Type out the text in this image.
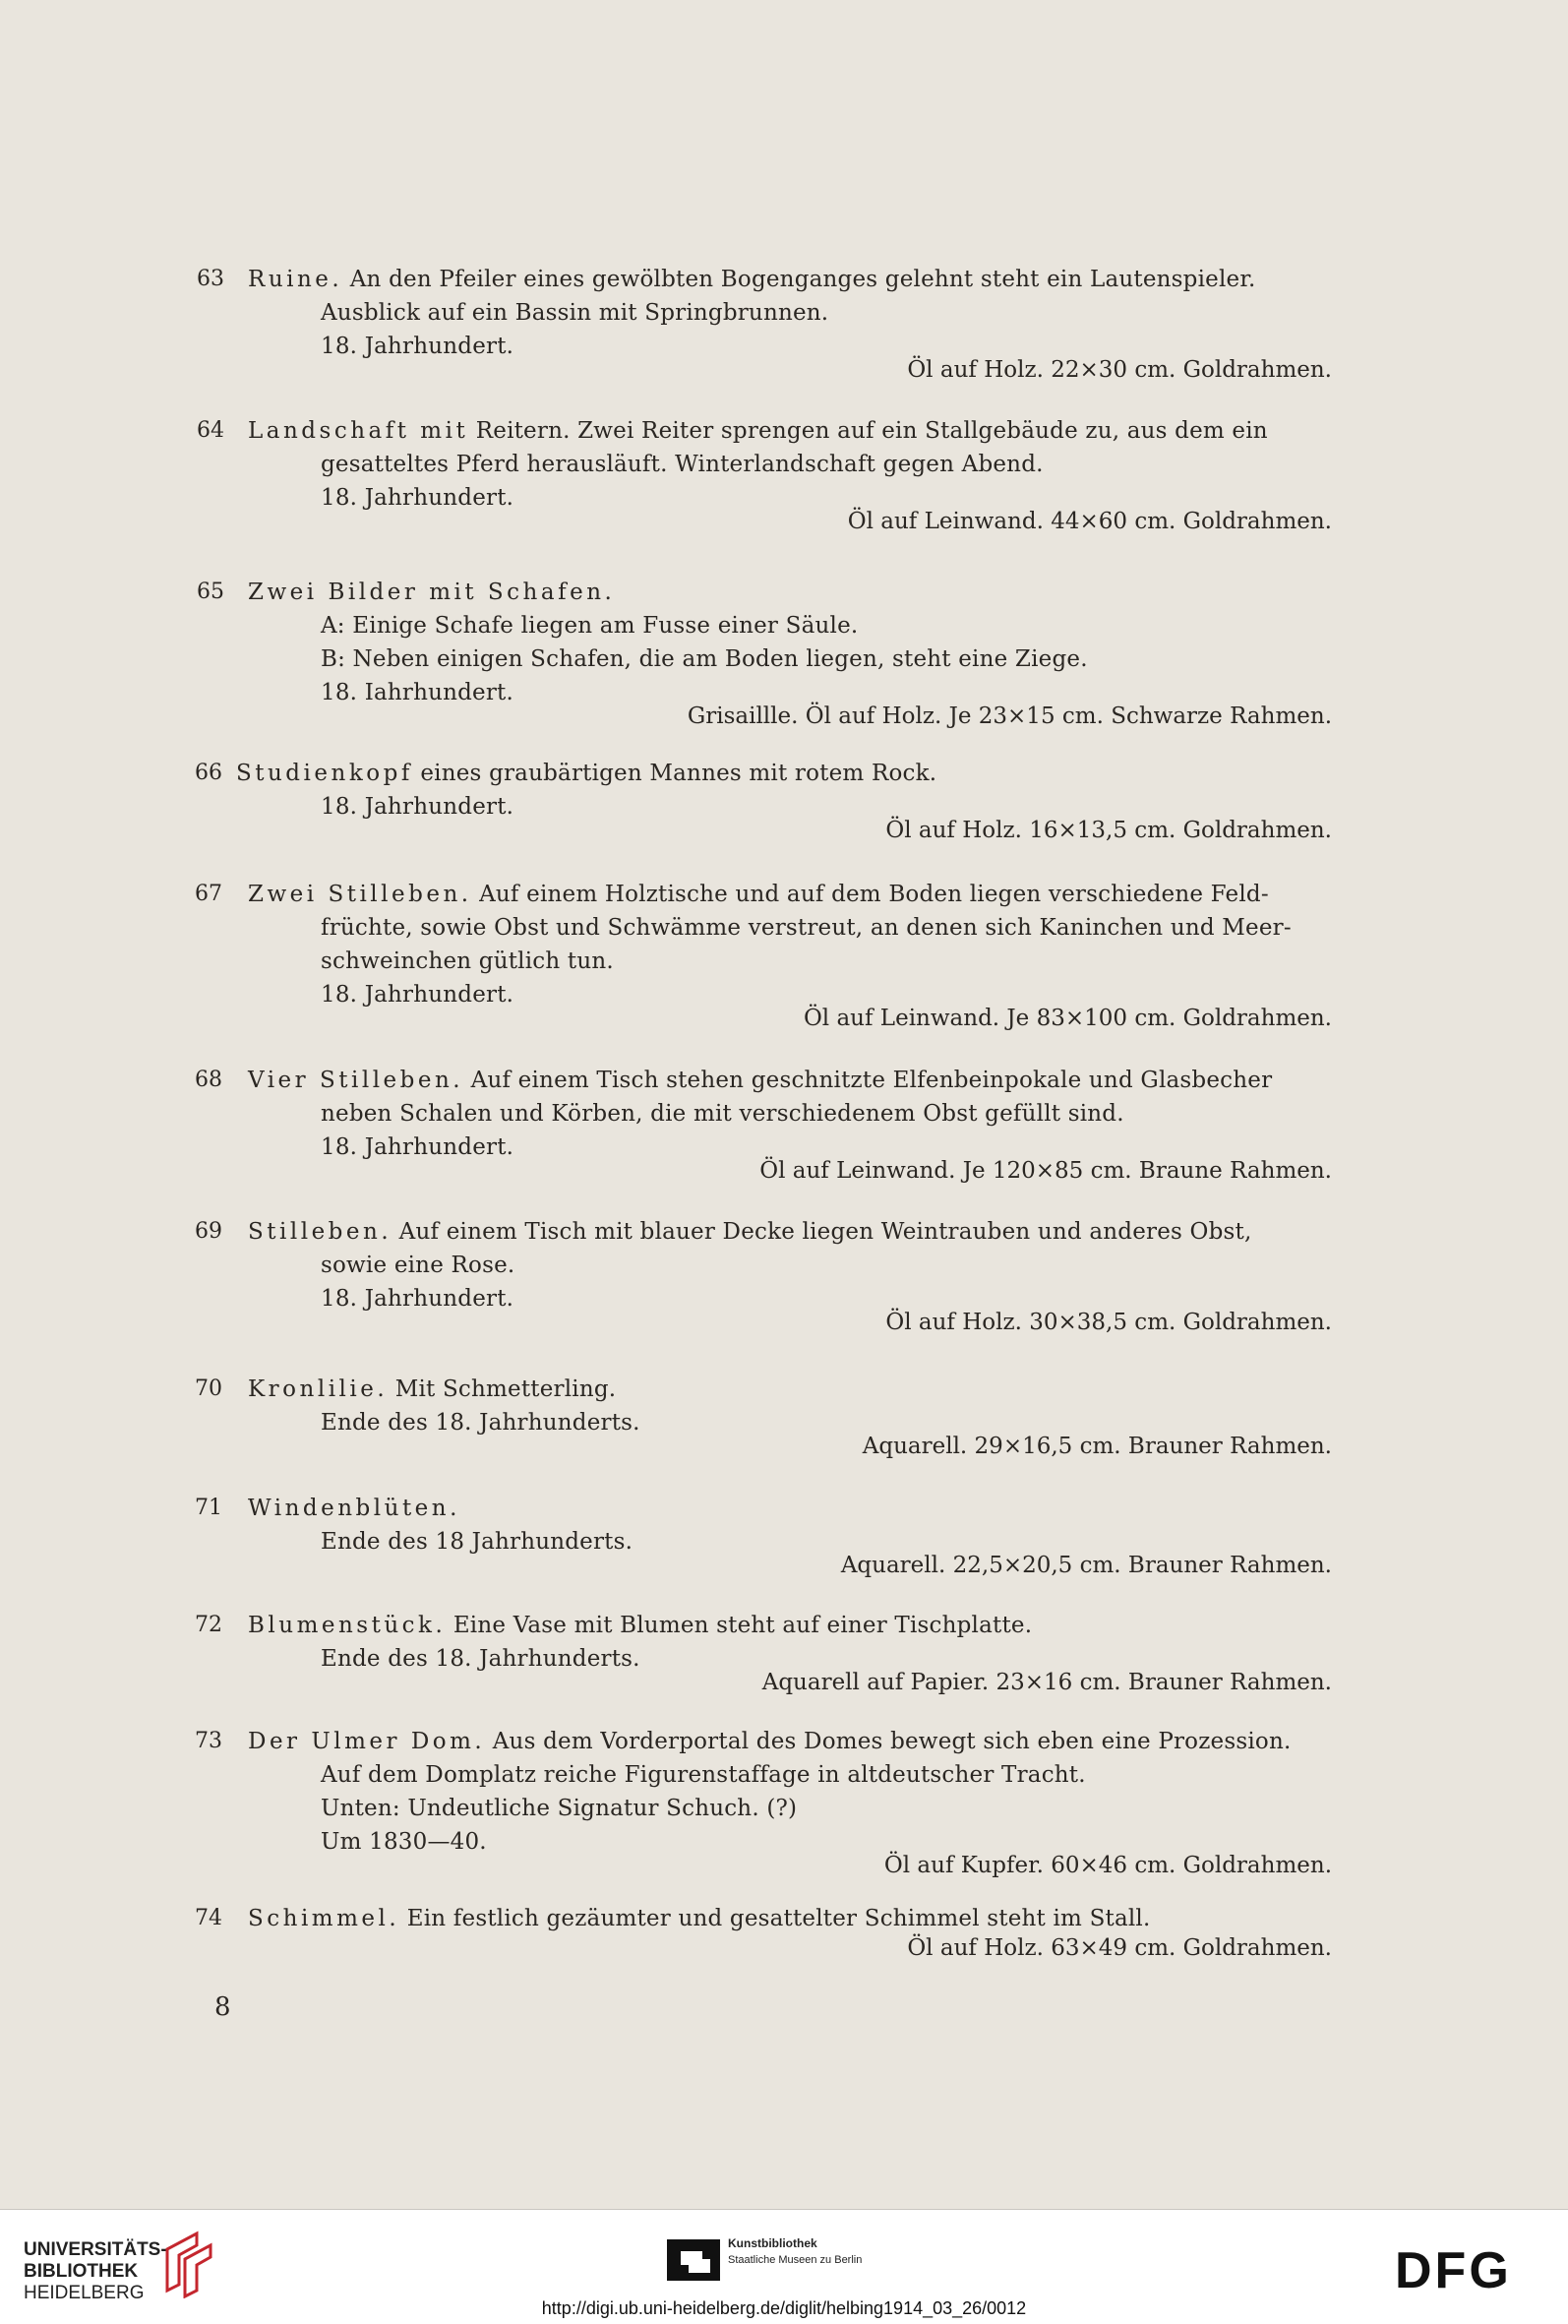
63 Ruine. An den Pfeiler eines gewölbten Bogenganges gelehnt steht ein Lautenspieler.
Ausblick auf ein Bassin mit Springbrunnen.
18. Jahrhundert.
Öl auf Holz. 22×30 cm. Goldrahmen.
64 Landschaft mit Reitern. Zwei Reiter sprengen auf ein Stallgebäude zu, aus dem ein
gesatteltes Pferd herausläuft. Winterlandschaft gegen Abend.
18. Jahrhundert.
Öl auf Leinwand. 44×60 cm. Goldrahmen.
65 Zwei Bilder mit Schafen.
A: Einige Schafe liegen am Fusse einer Säule.
B: Neben einigen Schafen, die am Boden liegen, steht eine Ziege.
18. Iahrhundert.
Grisaillle. Öl auf Holz. Je 23×15 cm. Schwarze Rahmen.
66 Studienkopf eines graubärtigen Mannes mit rotem Rock.
18. Jahrhundert.
Öl auf Holz. 16×13,5 cm. Goldrahmen.
67 Zwei Stilleben. Auf einem Holztische und auf dem Boden liegen verschiedene Feld-
früchte, sowie Obst und Schwämme verstreut, an denen sich Kaninchen und Meer-
schweinchen gütlich tun.
18. Jahrhundert.
Öl auf Leinwand. Je 83×100 cm. Goldrahmen.
68 Vier Stilleben. Auf einem Tisch stehen geschnitzte Elfenbeinpokale und Glasbecher
neben Schalen und Körben, die mit verschiedenem Obst gefüllt sind.
18. Jahrhundert.
Öl auf Leinwand. Je 120×85 cm. Braune Rahmen.
69 Stilleben. Auf einem Tisch mit blauer Decke liegen Weintrauben und anderes Obst,
sowie eine Rose.
18. Jahrhundert.
Öl auf Holz. 30×38,5 cm. Goldrahmen.
70 Kronlilie. Mit Schmetterling.
Ende des 18. Jahrhunderts.
Aquarell. 29×16,5 cm. Brauner Rahmen.
71 Windenblüten.
Ende des 18 Jahrhunderts.
Aquarell. 22,5×20,5 cm. Brauner Rahmen.
72 Blumenstück. Eine Vase mit Blumen steht auf einer Tischplatte.
Ende des 18. Jahrhunderts.
Aquarell auf Papier. 23×16 cm. Brauner Rahmen.
73 Der Ulmer Dom. Aus dem Vorderportal des Domes bewegt sich eben eine Prozession.
Auf dem Domplatz reiche Figurenstaffage in altdeutscher Tracht.
Unten: Undeutliche Signatur Schuch. (?)
Um 1830—40.
Öl auf Kupfer. 60×46 cm. Goldrahmen.
74 Schimmel. Ein festlich gezäumter und gesattelter Schimmel steht im Stall.
Öl auf Holz. 63×49 cm. Goldrahmen.
8
UNIVERSITÄTS-
BIBLIOTHEK
HEIDELBERG
Kunstbibliothek
Staatliche Museen zu Berlin	DFG
http://digi.ub.uni-heidelberg.de/diglit/helbing1914_03_26/0012
